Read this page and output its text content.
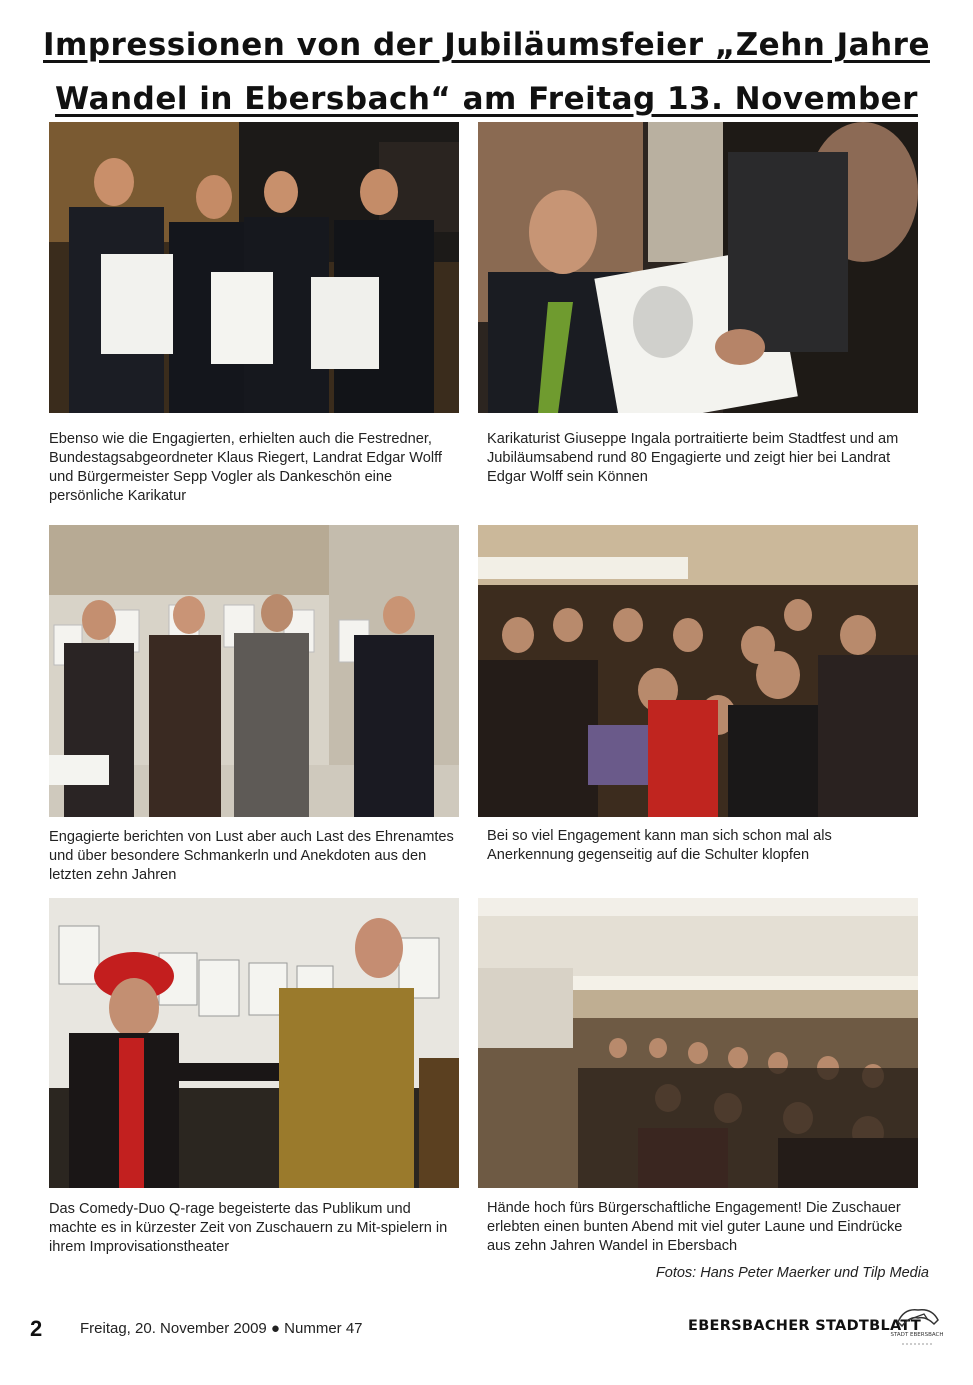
Impressionen von der Jubiläumsfeier „Zehn Jahre
Wandel in Ebersbach“ am Freitag 13. November
Ebenso wie die Engagierten, erhielten auch die Festredner, Bundestagsabgeordneter Klaus Riegert, Landrat Edgar Wolff und Bürgermeister Sepp Vogler als Dankeschön eine persönliche Karikatur
Karikaturist Giuseppe Ingala portraitierte beim Stadtfest und am Jubiläumsabend rund 80 Engagierte und zeigt hier bei Landrat Edgar Wolff sein Können
Engagierte berichten von Lust aber auch Last des Ehrenamtes und über besondere Schmankerln und Anekdoten aus den letzten zehn Jahren
Bei so viel Engagement kann man sich schon mal als Anerkennung gegenseitig auf die Schulter klopfen
Das Comedy-Duo Q-rage begeisterte das Publikum und machte es in kürzester Zeit von Zuschauern zu Mit-spielern in ihrem Improvisationstheater
Hände hoch fürs Bürgerschaftliche Engagement! Die Zuschauer erlebten einen bunten Abend mit viel guter Laune und Eindrücke aus zehn Jahren Wandel in Ebersbach
Fotos: Hans Peter Maerker und Tilp Media
2	Freitag, 20. November 2009 ● Nummer 47	EBERSBACHER STADTBLATT
STADT EBERSBACH
